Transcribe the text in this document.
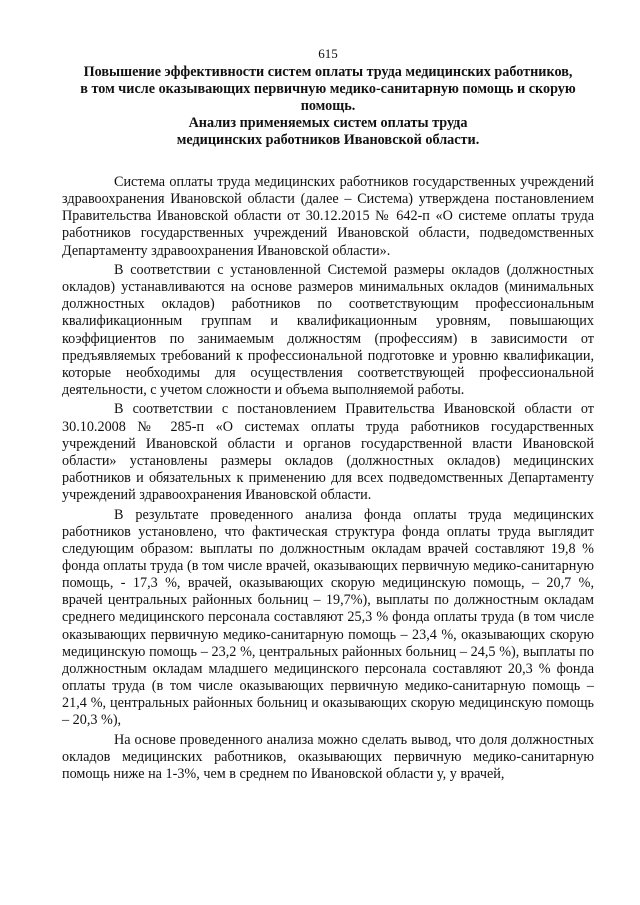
615
Повышение эффективности систем оплаты труда медицинских работников,
в том числе оказывающих первичную медико-санитарную помощь и скорую
помощь.
Анализ применяемых систем оплаты труда
медицинских работников Ивановской области.

Система оплаты труда медицинских работников государственных учреждений здравоохранения Ивановской области (далее – Система) утверждена постановлением Правительства Ивановской области от 30.12.2015 № 642-п «О системе оплаты труда работников государственных учреждений Ивановской области, подведомственных Департаменту здравоохранения Ивановской области».

В соответствии с установленной Системой размеры окладов (должностных окладов) устанавливаются на основе размеров минимальных окладов (минимальных должностных окладов) работников по соответствующим профессиональным квалификационным группам и квалификационным уровням, повышающих коэффициентов по занимаемым должностям (профессиям) в зависимости от предъявляемых требований к профессиональной подготовке и уровню квалификации, которые необходимы для осуществления соответствующей профессиональной деятельности, с учетом сложности и объема выполняемой работы.

В соответствии с постановлением Правительства Ивановской области от 30.10.2008 № 285-п «О системах оплаты труда работников государственных учреждений Ивановской области и органов государственной власти Ивановской области» установлены размеры окладов (должностных окладов) медицинских работников и обязательных к применению для всех подведомственных Департаменту учреждений здравоохранения Ивановской области.

В результате проведенного анализа фонда оплаты труда медицинских работников установлено, что фактическая структура фонда оплаты труда выглядит следующим образом: выплаты по должностным окладам врачей составляют 19,8 % фонда оплаты труда (в том числе врачей, оказывающих первичную медико-санитарную помощь, - 17,3 %, врачей, оказывающих скорую медицинскую помощь, – 20,7 %, врачей центральных районных больниц – 19,7%), выплаты по должностным окладам среднего медицинского персонала составляют 25,3 % фонда оплаты труда (в том числе оказывающих первичную медико-санитарную помощь – 23,4 %, оказывающих скорую медицинскую помощь – 23,2 %, центральных районных больниц – 24,5 %), выплаты по должностным окладам младшего медицинского персонала составляют 20,3 % фонда оплаты труда (в том числе оказывающих первичную медико-санитарную помощь – 21,4 %, центральных районных больниц и оказывающих скорую медицинскую помощь – 20,3 %),

На основе проведенного анализа можно сделать вывод, что доля должностных окладов медицинских работников, оказывающих первичную медико-санитарную помощь ниже на 1-3%, чем в среднем по Ивановской области у, у врачей,
